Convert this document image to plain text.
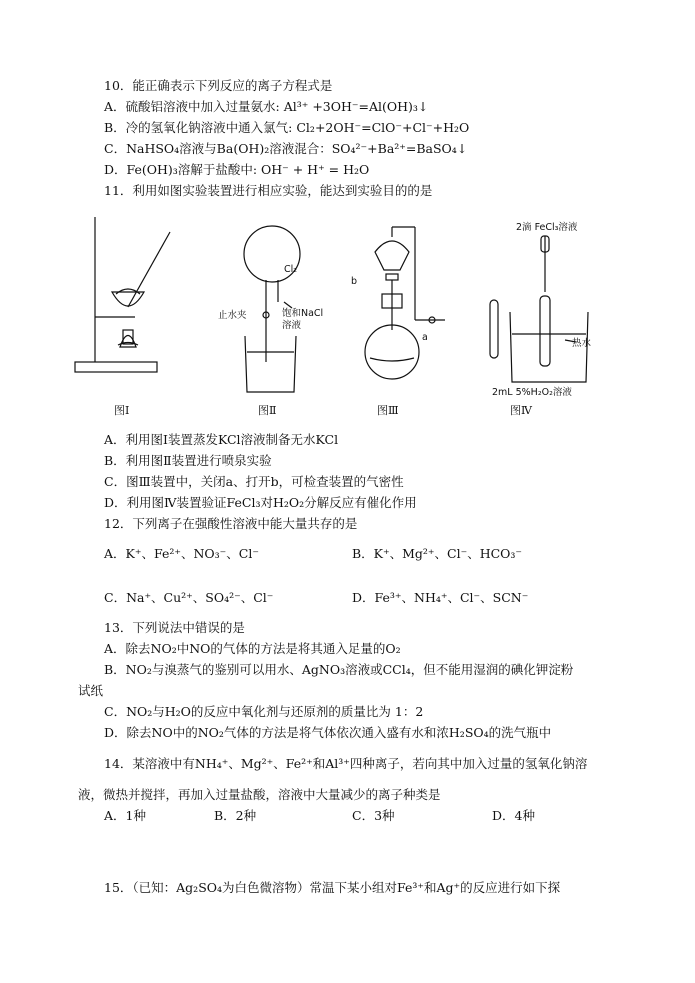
10．能正确表示下列反应的离子方程式是
A．硫酸铝溶液中加入过量氨水: Al³⁺ +3OH⁻=Al(OH)₃↓
B．冷的氢氧化钠溶液中通入氯气: Cl₂+2OH⁻=ClO⁻+Cl⁻+H₂O
C．NaHSO₄溶液与Ba(OH)₂溶液混合：SO₄²⁻+Ba²⁺=BaSO₄↓
D．Fe(OH)₃溶解于盐酸中: OH⁻ + H⁺ = H₂O
11．利用如图实验装置进行相应实验，能达到实验目的的是
Cl₂
止水夹	饱和NaCl
溶液
b
a
2滴 FeCl₃溶液
热水
2mL 5%H₂O₂溶液
图Ⅰ	图Ⅱ	图Ⅲ	图Ⅳ
A．利用图Ⅰ装置蒸发KCl溶液制备无水KCl
B．利用图Ⅱ装置进行喷泉实验
C．图Ⅲ装置中，关闭a、打开b，可检查装置的气密性
D．利用图Ⅳ装置验证FeCl₃对H₂O₂分解反应有催化作用
12．下列离子在强酸性溶液中能大量共存的是
A．K⁺、Fe²⁺、NO₃⁻、Cl⁻	B．K⁺、Mg²⁺、Cl⁻、HCO₃⁻
C．Na⁺、Cu²⁺、SO₄²⁻、Cl⁻	D．Fe³⁺、NH₄⁺、Cl⁻、SCN⁻
13．下列说法中错误的是
A．除去NO₂中NO的气体的方法是将其通入足量的O₂
B．NO₂与溴蒸气的鉴别可以用水、AgNO₃溶液或CCl₄，但不能用湿润的碘化钾淀粉
试纸
C．NO₂与H₂O的反应中氧化剂与还原剂的质量比为 1：2
D．除去NO中的NO₂气体的方法是将气体依次通入盛有水和浓H₂SO₄的洗气瓶中
14．某溶液中有NH₄⁺、Mg²⁺、Fe²⁺和Al³⁺四种离子，若向其中加入过量的氢氧化钠溶
液，微热并搅拌，再加入过量盐酸，溶液中大量减少的离子种类是
A．1种	B．2种	C．3种	D．4种
15．（已知：Ag₂SO₄为白色微溶物）常温下某小组对Fe³⁺和Ag⁺的反应进行如下探
